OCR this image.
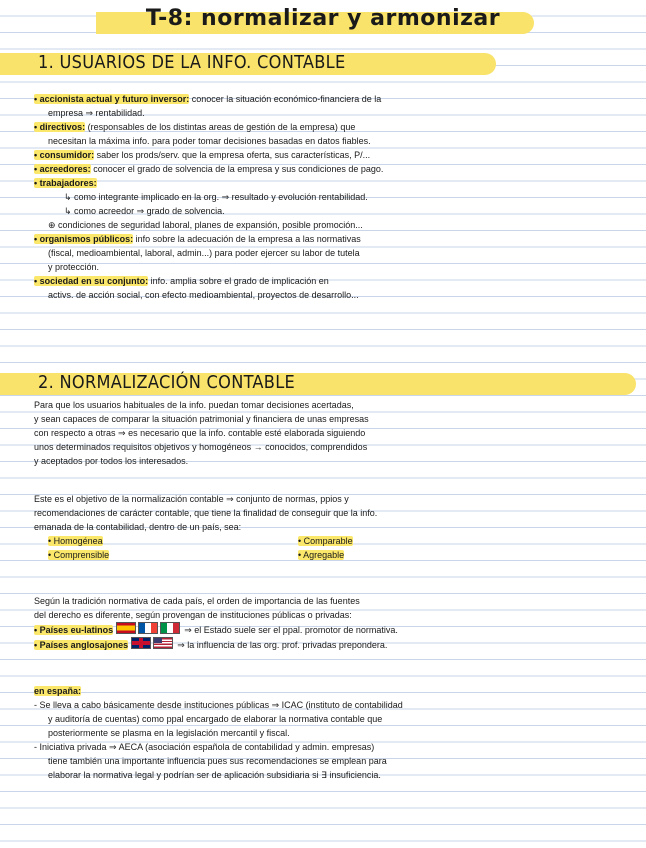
T-8: normalizar y armonizar
1. USUARIOS DE LA INFO. CONTABLE

• accionista actual y futuro inversor: conocer la situación económico-financiera de la

empresa ⇒ rentabilidad.

• directivos: (responsables de los distintas areas de gestión de la empresa) que

necesitan la máxima info. para poder tomar decisiones basadas en datos fiables.

• consumidor: saber los prods/serv. que la empresa oferta, sus características, P/...

• acreedores: conocer el grado de solvencia de la empresa y sus condiciones de pago.

• trabajadores:

↳ como integrante implicado en la org. ⇒ resultado y evolución rentabilidad.

↳ como acreedor ⇒ grado de solvencia.

⊕ condiciones de seguridad laboral, planes de expansión, posible promoción...

• organismos públicos: info sobre la adecuación de la empresa a las normativas

(fiscal, medioambiental, laboral, admin...) para poder ejercer su labor de tutela

y protección.

• sociedad en su conjunto: info. amplia sobre el grado de implicación en

activs. de acción social, con efecto medioambiental, proyectos de desarrollo...

2. NORMALIZACIÓN CONTABLE

Para que los usuarios habituales de la info. puedan tomar decisiones acertadas,

y sean capaces de comparar la situación patrimonial y financiera de unas empresas

con respecto a otras ⇒ es necesario que la info. contable esté elaborada siguiendo

unos determinados requisitos objetivos y homogéneos → conocidos, comprendidos

y aceptados por todos los interesados.

Este es el objetivo de la normalización contable ⇒ conjunto de normas, ppios y

recomendaciones de carácter contable, que tiene la finalidad de conseguir que la info.

emanada de la contabilidad, dentro de un país, sea:

• Homogénea	• Comparable
• Comprensible	• Agregable

Según la tradición normativa de cada país, el orden de importancia de las fuentes

del derecho es diferente, según provengan de instituciones públicas o privadas:

• Países eu-latinos	⇒ el Estado suele ser el ppal. promotor de normativa.

• Países anglosajones	⇒ la influencia de las org. prof. privadas prepondera.

en españa:

- Se lleva a cabo básicamente desde instituciones públicas ⇒ ICAC (instituto de contabilidad

y auditoría de cuentas) como ppal encargado de elaborar la normativa contable que

posteriormente se plasma en la legislación mercantil y fiscal.

- Iniciativa privada ⇒ AECA (asociación española de contabilidad y admin. empresas)

tiene también una importante influencia pues sus recomendaciones se emplean para

elaborar la normativa legal y podrían ser de aplicación subsidiaria si ∃ insuficiencia.
